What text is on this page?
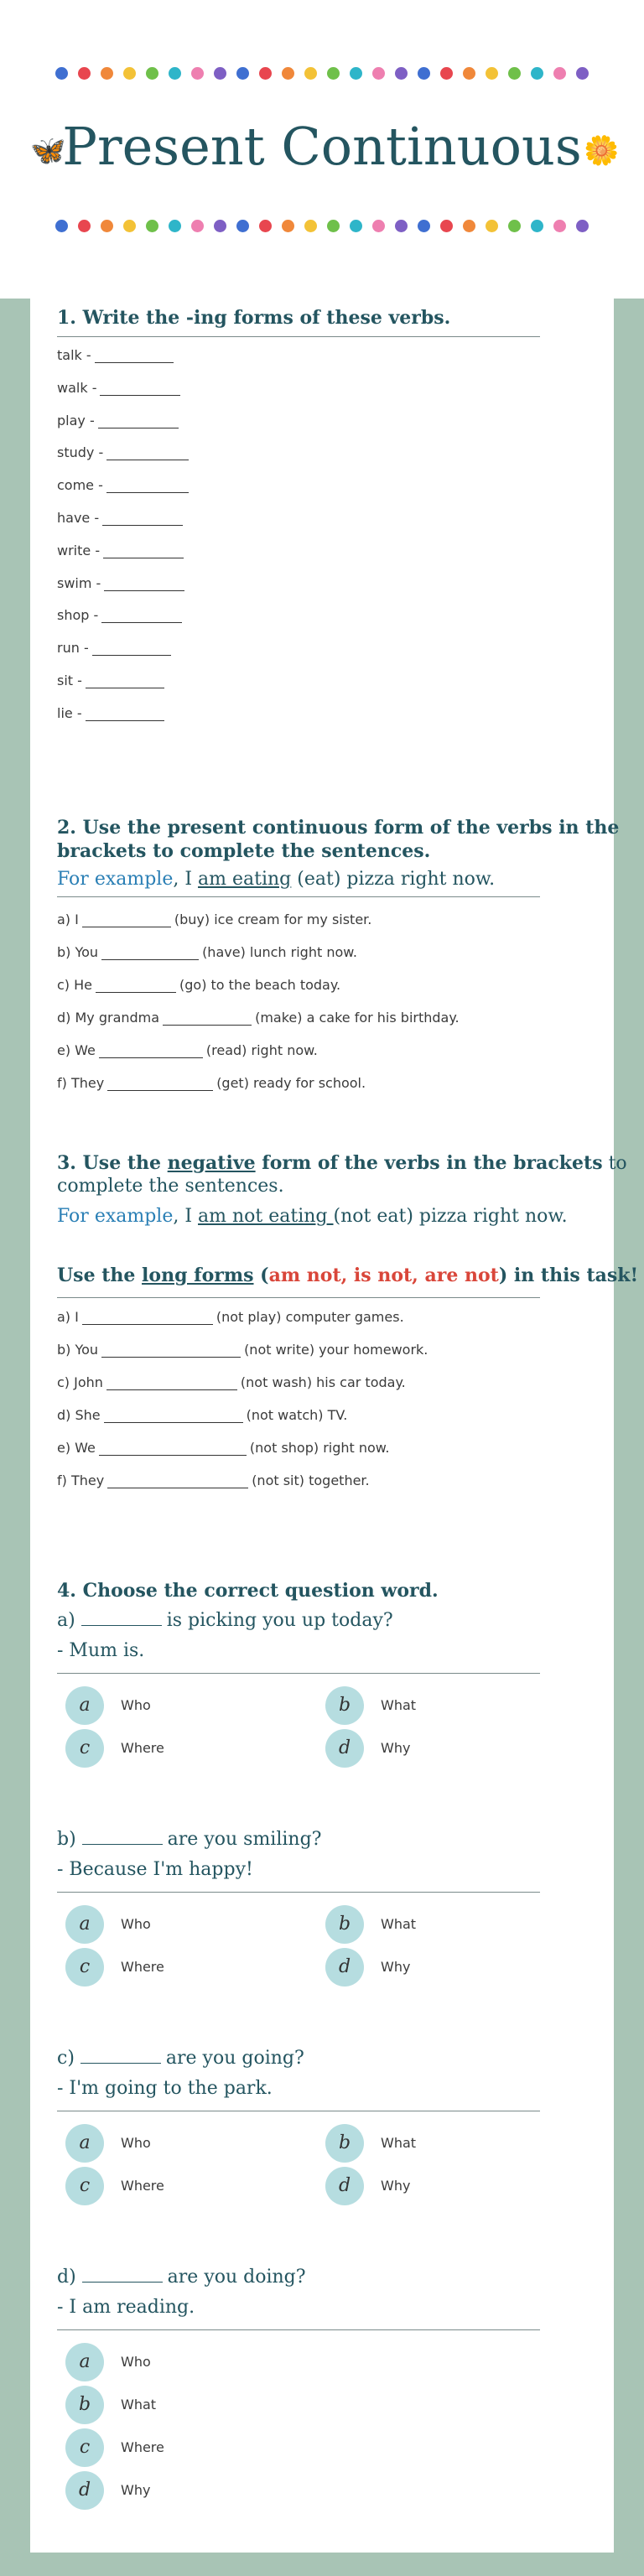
🦋
Present Continuous 🌼
1. Write the -ing forms of these verbs.
talk -
walk -
play -
study -
come -
have -
write -
swim -
shop -
run -
sit -
lie -
2. Use the present continuous form of the verbs in the
brackets to complete the sentences.
For example, I am eating (eat) pizza right now.
a) I	(buy) ice cream for my sister.
b) You	(have) lunch right now.
c) He	(go) to the beach today.
d) My grandma	(make) a cake for his birthday.
e) We	(read) right now.
f) They	(get) ready for school.
3. Use the negative form of the verbs in the brackets to
complete the sentences.
For example, I am not eating (not eat) pizza right now.
Use the long forms (am not, is not, are not) in this task!
a) I	(not play) computer games.
b) You	(not write) your homework.
c) John	(not wash) his car today.
d) She	(not watch) TV.
e) We	(not shop) right now.
f) They	(not sit) together.
4. Choose the correct question word.
a)	is picking you up today?
- Mum is.
a	Who	b	What
c	Where	d	Why
b)	are you smiling?
- Because I'm happy!
a	Who	b	What
c	Where	d	Why
c)	are you going?
- I'm going to the park.
a	Who	b	What
c	Where	d	Why
d)	are you doing?
- I am reading.
a	Who
b	What
c	Where
d	Why
